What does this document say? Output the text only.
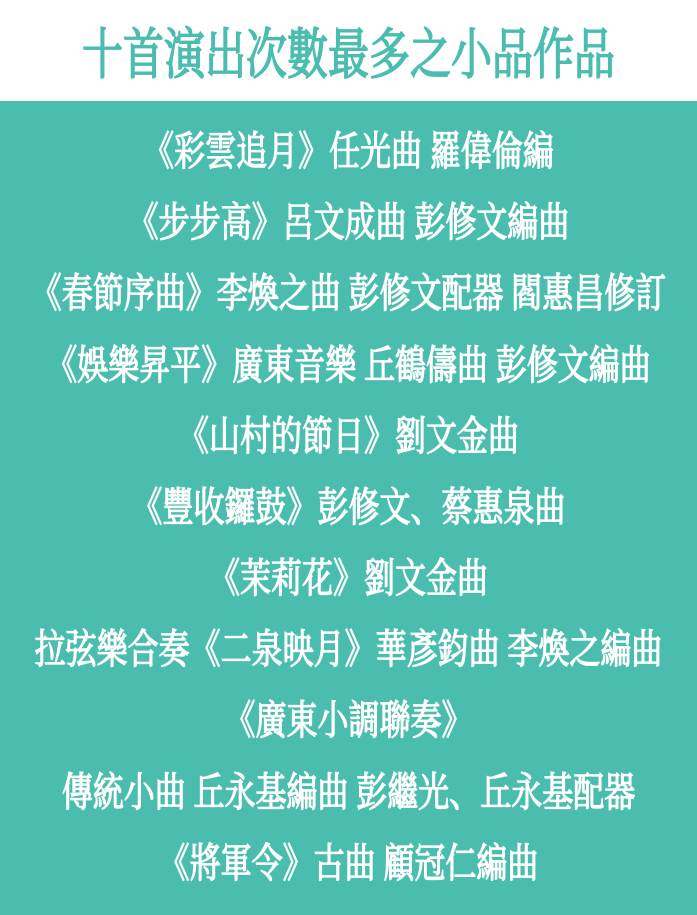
十首演出次數最多之小品作品
《彩雲追月》任光曲 羅偉倫編
《步步高》呂文成曲 彭修文編曲
《春節序曲》李煥之曲 彭修文配器 閻惠昌修訂
《娛樂昇平》廣東音樂 丘鶴儔曲 彭修文編曲
《山村的節日》劉文金曲
《豐收鑼鼓》彭修文、蔡惠泉曲
《茉莉花》劉文金曲
拉弦樂合奏《二泉映月》華彥鈞曲 李煥之編曲
《廣東小調聯奏》
傳統小曲 丘永基編曲 彭繼光、丘永基配器
《將軍令》古曲 顧冠仁編曲
